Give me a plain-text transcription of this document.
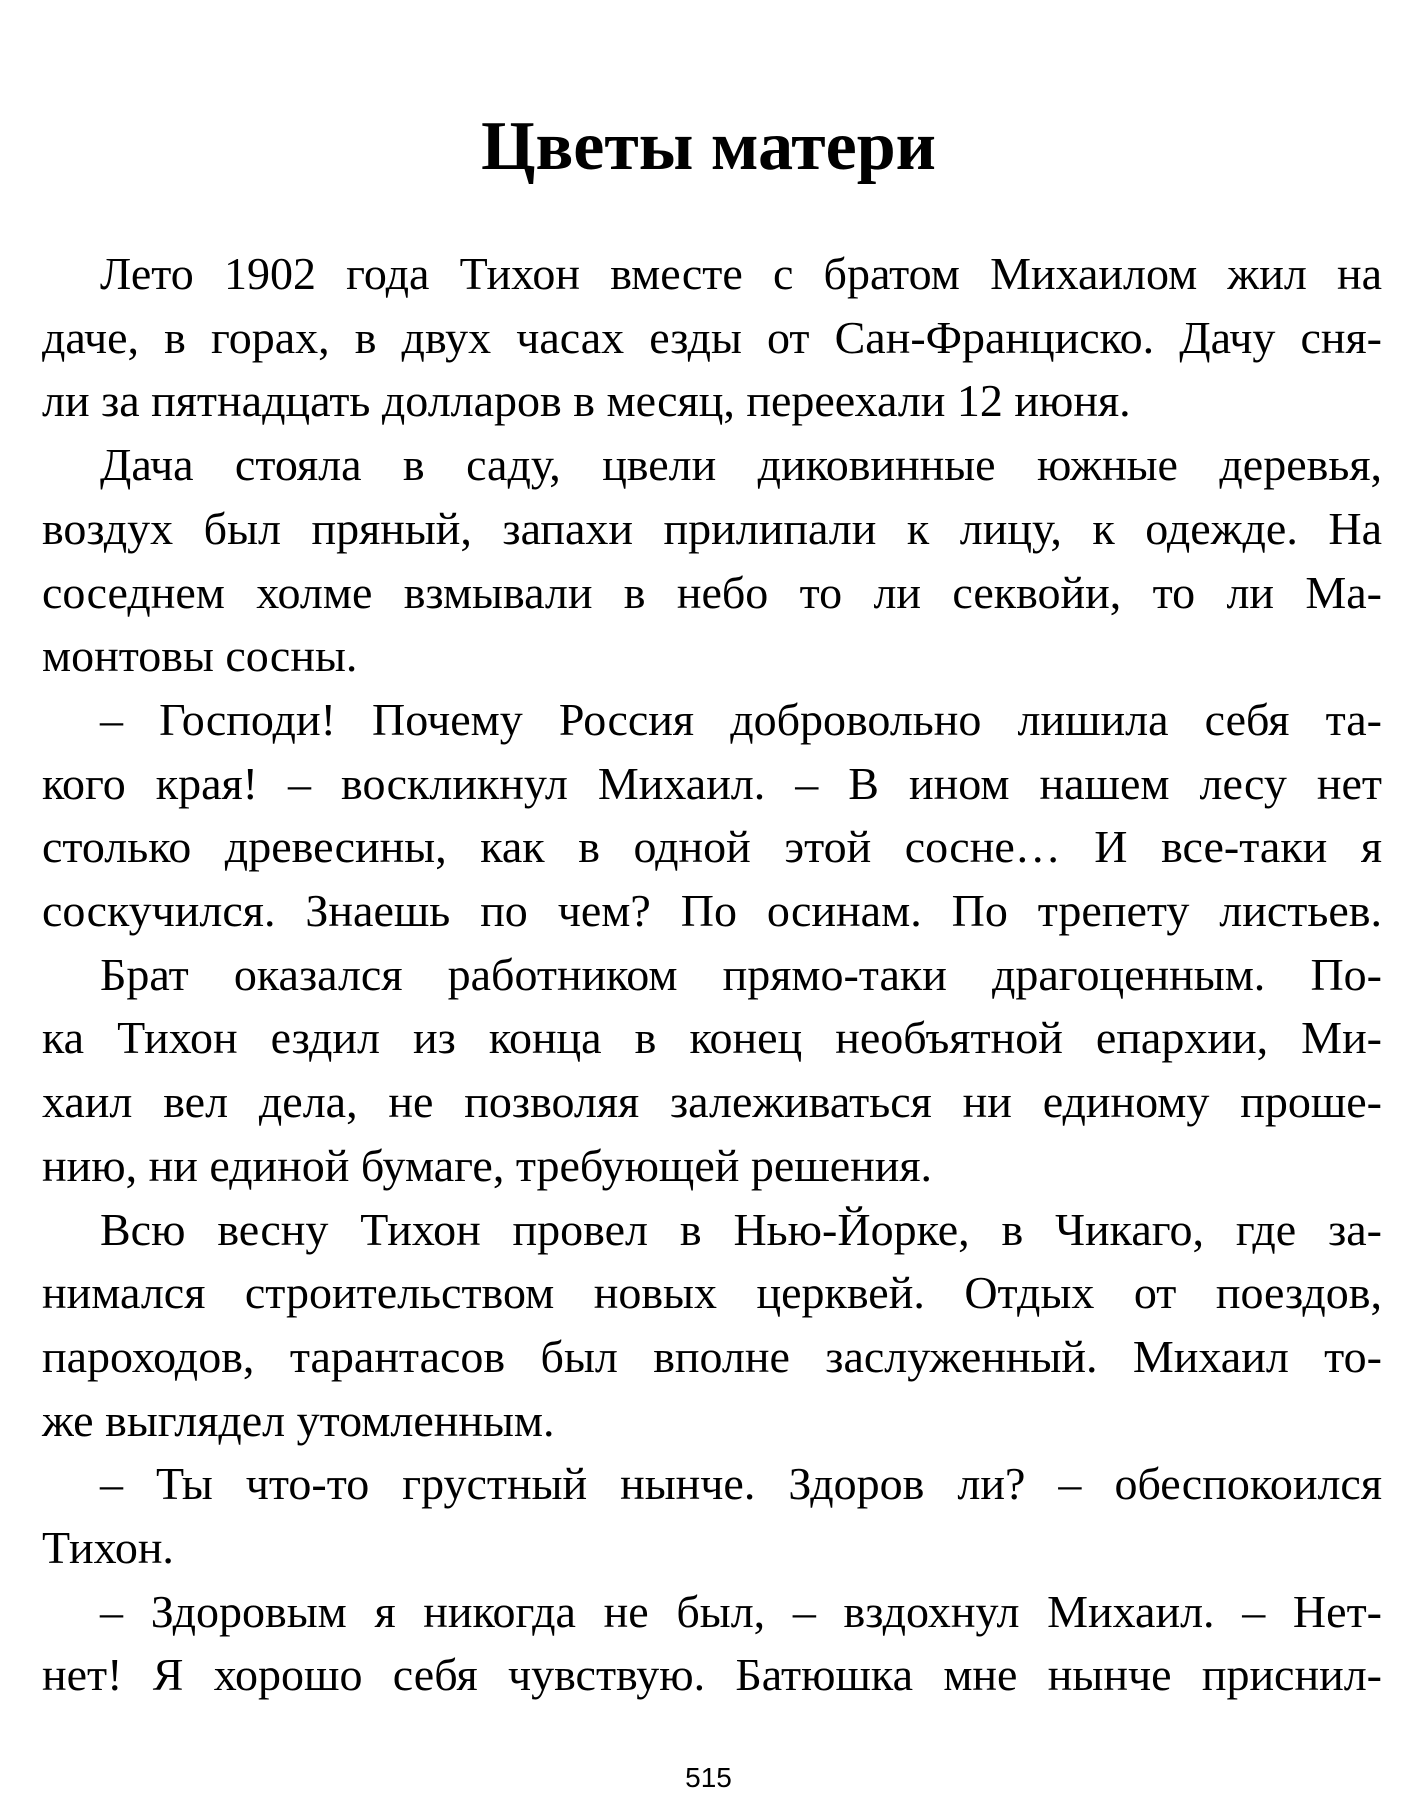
Цветы матери
Лето 1902 года Тихон вместе с братом Михаилом жил на
даче, в горах, в двух часах езды от Сан-Франциско. Дачу сня-
ли за пятнадцать долларов в месяц, переехали 12 июня.
Дача стояла в саду, цвели диковинные южные деревья,
воздух был пряный, запахи прилипали к лицу, к одежде. На
соседнем холме взмывали в небо то ли секвойи, то ли Ма-
монтовы сосны.
– Господи! Почему Россия добровольно лишила себя та-
кого края! – воскликнул Михаил. – В ином нашем лесу нет
столько древесины, как в одной этой сосне… И все-таки я
соскучился. Знаешь по чем? По осинам. По трепету листьев.
Брат оказался работником прямо-таки драгоценным. По-
ка Тихон ездил из конца в конец необъятной епархии, Ми-
хаил вел дела, не позволяя залеживаться ни единому проше-
нию, ни единой бумаге, требующей решения.
Всю весну Тихон провел в Нью-Йорке, в Чикаго, где за-
нимался строительством новых церквей. Отдых от поездов,
пароходов, тарантасов был вполне заслуженный. Михаил то-
же выглядел утомленным.
– Ты что-то грустный нынче. Здоров ли? – обеспокоился
Тихон.
– Здоровым я никогда не был, – вздохнул Михаил. – Нет-
нет! Я хорошо себя чувствую. Батюшка мне нынче приснил-
515
